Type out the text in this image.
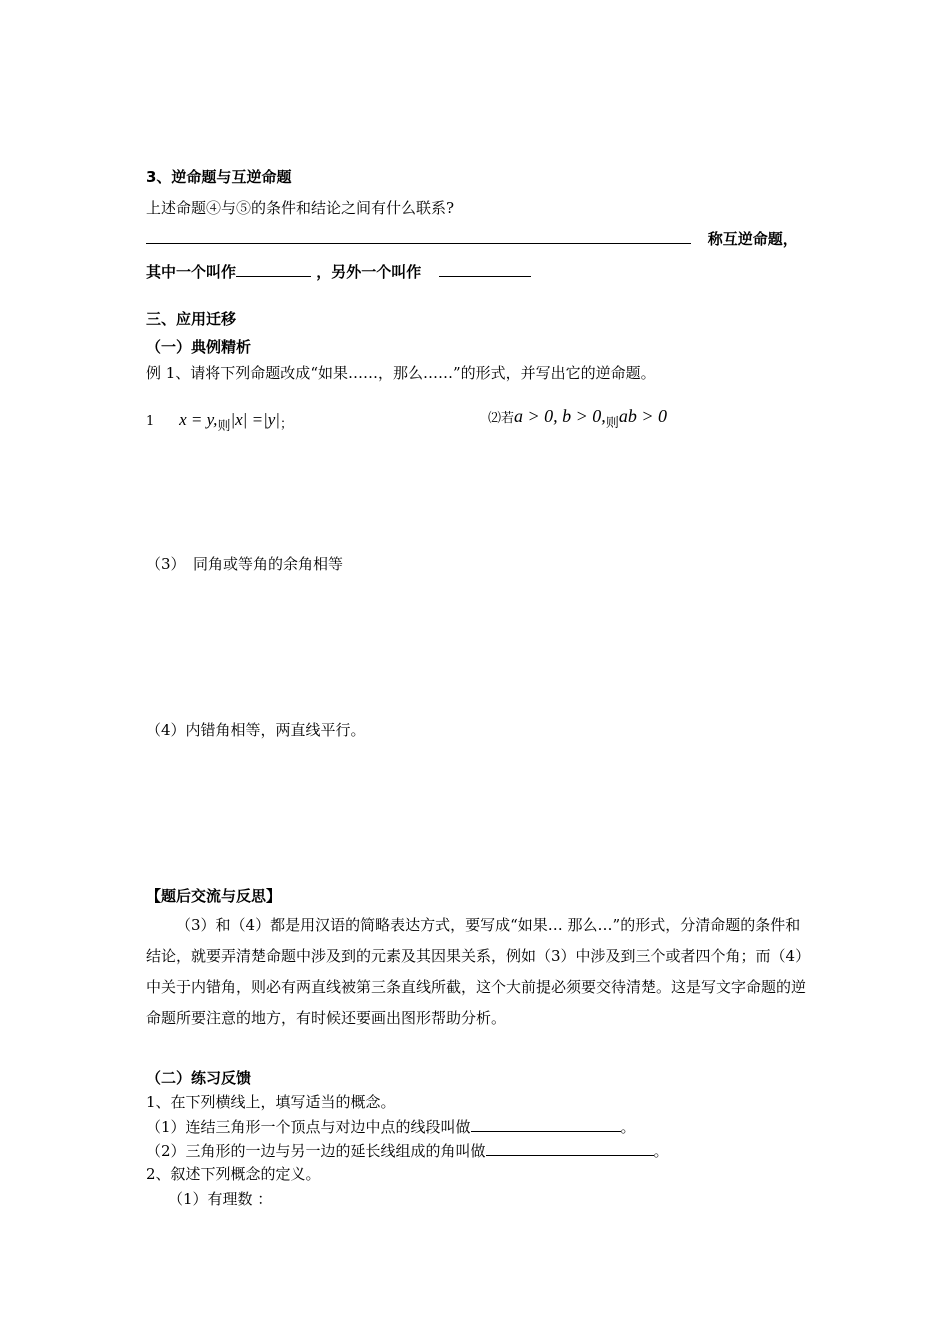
3、逆命题与互逆命题
上述命题④与⑤的条件和结论之间有什么联系?
称互逆命题，
其中一个叫作	，另外一个叫作
三、应用迁移
（一）典例精析
例 1、请将下列命题改成“如果……，那么……”的形式，并写出它的逆命题。
1 x = y,则|x| =|y|；	⑵若a > 0, b > 0,则ab > 0
（3）　同角或等角的余角相等
（4）内错角相等，两直线平行。
【题后交流与反思】
（3）和（4）都是用汉语的简略表达方式，要写成“如果… 那么…”的形式，分清命题的条件和结论，就要弄清楚命题中涉及到的元素及其因果关系，例如（3）中涉及到三个或者四个角；而（4）中关于内错角，则必有两直线被第三条直线所截，这个大前提必须要交待清楚。这是写文字命题的逆命题所要注意的地方，有时候还要画出图形帮助分析。
（二）练习反馈
1、在下列横线上，填写适当的概念。
（1）连结三角形一个顶点与对边中点的线段叫做	。
（2）三角形的一边与另一边的延长线组成的角叫做	。
2、叙述下列概念的定义。
（1）有理数 ：
